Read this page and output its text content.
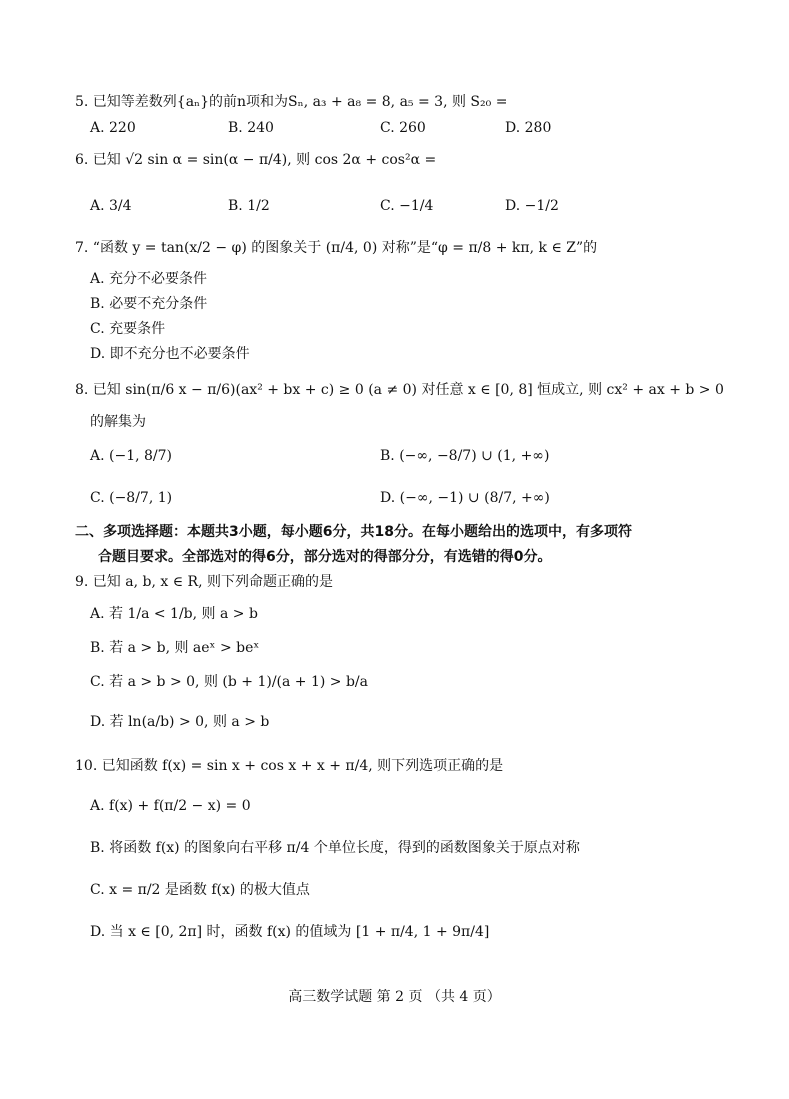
5. 已知等差数列{aₙ}的前n项和为Sₙ, a₃ + a₈ = 8, a₅ = 3, 则 S₂₀ =
A. 220	B. 240	C. 260	D. 280
6. 已知 √2 sin α = sin(α − π/4), 则 cos 2α + cos²α =
A. 3/4	B. 1/2	C. −1/4	D. −1/2
7. “函数 y = tan(x/2 − φ) 的图象关于 (π/4, 0) 对称”是“φ = π/8 + kπ, k ∈ Z”的
A. 充分不必要条件
B. 必要不充分条件
C. 充要条件
D. 即不充分也不必要条件
8. 已知 sin(π/6 x − π/6)(ax² + bx + c) ≥ 0 (a ≠ 0) 对任意 x ∈ [0, 8] 恒成立, 则 cx² + ax + b > 0
的解集为
A. (−1, 8/7)	B. (−∞, −8/7) ∪ (1, +∞)
C. (−8/7, 1)	D. (−∞, −1) ∪ (8/7, +∞)
二、多项选择题：本题共3小题，每小题6分，共18分。在每小题给出的选项中，有多项符
合题目要求。全部选对的得6分，部分选对的得部分分，有选错的得0分。
9. 已知 a, b, x ∈ R, 则下列命题正确的是
A. 若 1/a < 1/b, 则 a > b
B. 若 a > b, 则 aeˣ > beˣ
C. 若 a > b > 0, 则 (b + 1)/(a + 1) > b/a
D. 若 ln(a/b) > 0, 则 a > b
10. 已知函数 f(x) = sin x + cos x + x + π/4, 则下列选项正确的是
A. f(x) + f(π/2 − x) = 0
B. 将函数 f(x) 的图象向右平移 π/4 个单位长度，得到的函数图象关于原点对称
C. x = π/2 是函数 f(x) 的极大值点
D. 当 x ∈ [0, 2π] 时，函数 f(x) 的值域为 [1 + π/4, 1 + 9π/4]
高三数学试题 第 2 页 （共 4 页）
